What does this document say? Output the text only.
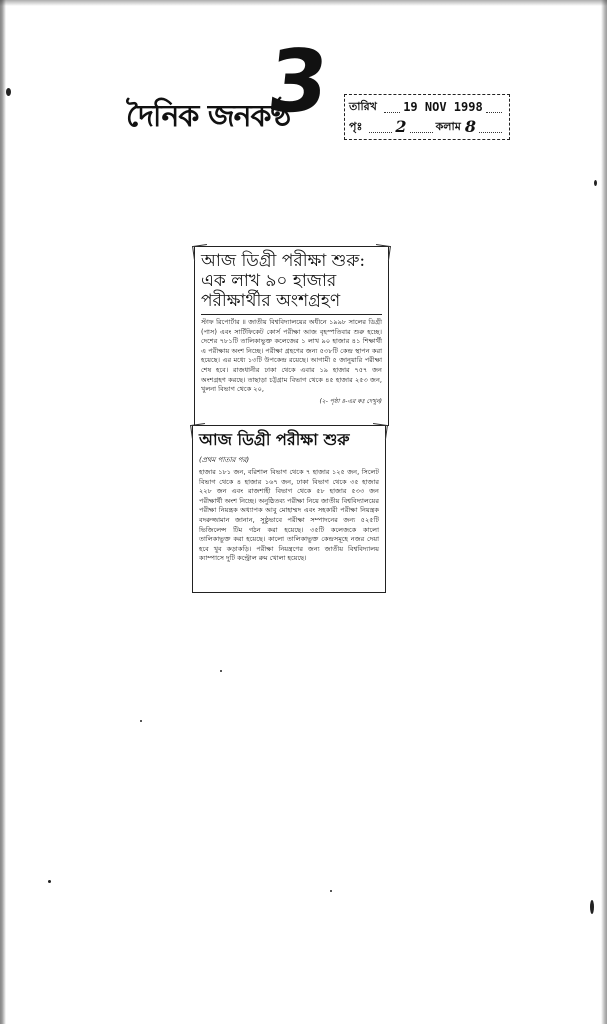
দৈনিক জনকণ্ঠ
3 তারিখ 19 NOV 1998
পৃঃ 2	কলাম 8
আজ ডিগ্রী পরীক্ষা শুরু: এক লাখ ৯০ হাজার পরীক্ষার্থীর অংশগ্রহণ
স্টাফ রিপোর্টার ॥ জাতীয় বিশ্ববিদ্যালয়ের অধীনে ১৯৯৮ সালের ডিগ্রী (পাস) এবং সার্টিফিকেট কোর্স পরীক্ষা আজ বৃহস্পতিবার শুরু হচ্ছে। দেশের ৭৮১টি তালিকাভুক্ত কলেজের ১ লাখ ৯০ হাজার ৪১ শিক্ষার্থী এ পরীক্ষায় অংশ নিচ্ছে। পরীক্ষা গ্রহণের জন্য ৫৩৮টি কেন্দ্র স্থাপন করা হয়েছে। এর মধ্যে ১৩টি উপকেন্দ্র রয়েছে। আগামী ৫ জানুয়ারি পরীক্ষা শেষ হবে। রাজধানীর ঢাকা থেকে এবার ১৯ হাজার ৭৫৭ জন অংশগ্রহণ করছে। তাছাড়া চট্টগ্রাম বিভাগ থেকে ৪৫ হাজার ২৫৩ জন, খুলনা বিভাগ থেকে ২০,
(২- পৃষ্ঠা ৪-এর কঃ দেখুন)
আজ ডিগ্রী পরীক্ষা শুরু
(প্রথম পাতার পর)
হাজার ১৮১ জন, বরিশাল বিভাগ থেকে ৭ হাজার ১২৫ জন, সিলেট বিভাগ থেকে ৪ হাজার ১৬৭ জন, ঢাকা বিভাগ থেকে ৩৫ হাজার ২২৮ জন এবং রাজশাহী বিভাগ থেকে ৫৮ হাজার ৫৩৩ জন পরীক্ষার্থী অংশ নিচ্ছে। অনুষ্ঠিতব্য পরীক্ষা নিয়ে জাতীয় বিশ্ববিদ্যালয়ের পরীক্ষা নিয়ন্ত্রক অধ্যাপক আবু মোহাম্মদ এবং সহকারী পরীক্ষা নিয়ন্ত্রক বদরুজ্জামান জানান, সুষ্ঠুভাবে পরীক্ষা সম্পাদনের জন্য ৫২৫টি ভিজিলেন্স টিম গঠন করা হয়েছে। ৩৫টি কলেজকে কালো তালিকাভুক্ত করা হয়েছে। কালো তালিকাভুক্ত কেন্দ্রসমূহে নজর দেয়া হবে খুব কড়াকড়ি। পরীক্ষা নিয়ন্ত্রণের জন্য জাতীয় বিশ্ববিদ্যালয় ক্যাম্পাসে দুটি কন্ট্রোল রুম খোলা হয়েছে।
